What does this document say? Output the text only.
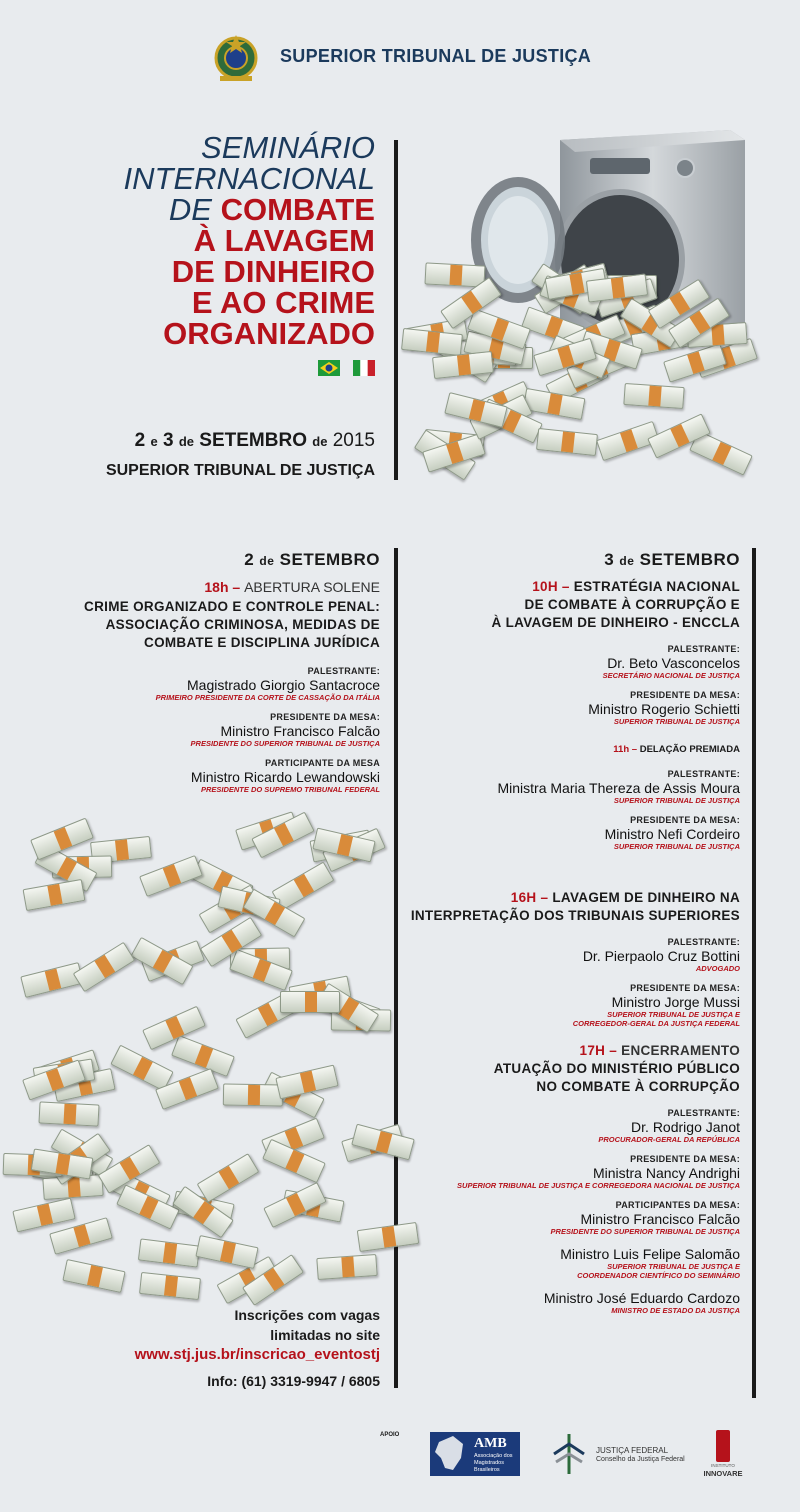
SUPERIOR TRIBUNAL DE JUSTIÇA
SEMINÁRIO
INTERNACIONAL
DE COMBATE
À LAVAGEM
DE DINHEIRO
E AO CRIME
ORGANIZADO
2 e 3 de SETEMBRO de 2015
SUPERIOR TRIBUNAL DE JUSTIÇA
2 de SETEMBRO
18h – ABERTURA SOLENE
CRIME ORGANIZADO E CONTROLE PENAL:
ASSOCIAÇÃO CRIMINOSA, MEDIDAS DE
COMBATE E DISCIPLINA JURÍDICA
PALESTRANTE:
Magistrado Giorgio Santacroce
PRIMEIRO PRESIDENTE DA CORTE DE CASSAÇÃO DA ITÁLIA
PRESIDENTE DA MESA:
Ministro Francisco Falcão
PRESIDENTE DO SUPERIOR TRIBUNAL DE JUSTIÇA
PARTICIPANTE DA MESA
Ministro Ricardo Lewandowski
PRESIDENTE DO SUPREMO TRIBUNAL FEDERAL
3 de SETEMBRO
10H – ESTRATÉGIA NACIONAL
DE COMBATE À CORRUPÇÃO E
À LAVAGEM DE DINHEIRO - ENCCLA
PALESTRANTE:
Dr. Beto Vasconcelos
SECRETÁRIO NACIONAL DE JUSTIÇA
PRESIDENTE DA MESA:
Ministro Rogerio Schietti
SUPERIOR TRIBUNAL DE JUSTIÇA
11h – DELAÇÃO PREMIADA
PALESTRANTE:
Ministra Maria Thereza de Assis Moura
SUPERIOR TRIBUNAL DE JUSTIÇA
PRESIDENTE DA MESA:
Ministro Nefi Cordeiro
SUPERIOR TRIBUNAL DE JUSTIÇA
16H – LAVAGEM DE DINHEIRO NA
INTERPRETAÇÃO DOS TRIBUNAIS SUPERIORES
PALESTRANTE:
Dr. Pierpaolo Cruz Bottini
ADVOGADO
PRESIDENTE DA MESA:
Ministro Jorge Mussi
SUPERIOR TRIBUNAL DE JUSTIÇA E
CORREGEDOR-GERAL DA JUSTIÇA FEDERAL
17H – ENCERRAMENTO
ATUAÇÃO DO MINISTÉRIO PÚBLICO
NO COMBATE À CORRUPÇÃO
PALESTRANTE:
Dr. Rodrigo Janot
PROCURADOR-GERAL DA REPÚBLICA
PRESIDENTE DA MESA:
Ministra Nancy Andrighi
SUPERIOR TRIBUNAL DE JUSTIÇA E CORREGEDORA NACIONAL DE JUSTIÇA
PARTICIPANTES DA MESA:
Ministro Francisco Falcão
PRESIDENTE DO SUPERIOR TRIBUNAL DE JUSTIÇA
Ministro Luis Felipe Salomão
SUPERIOR TRIBUNAL DE JUSTIÇA E
COORDENADOR CIENTÍFICO DO SEMINÁRIO
Ministro José Eduardo Cardozo
MINISTRO DE ESTADO DA JUSTIÇA
Inscrições com vagas
limitadas no site
www.stj.jus.br/inscricao_eventostj
Info: (61) 3319-9947 / 6805
APOIO
AMB
Associação dos
Magistrados
Brasileiros
JUSTIÇA FEDERAL
Conselho da Justiça Federal
INSTITUTO
INNOVARE
